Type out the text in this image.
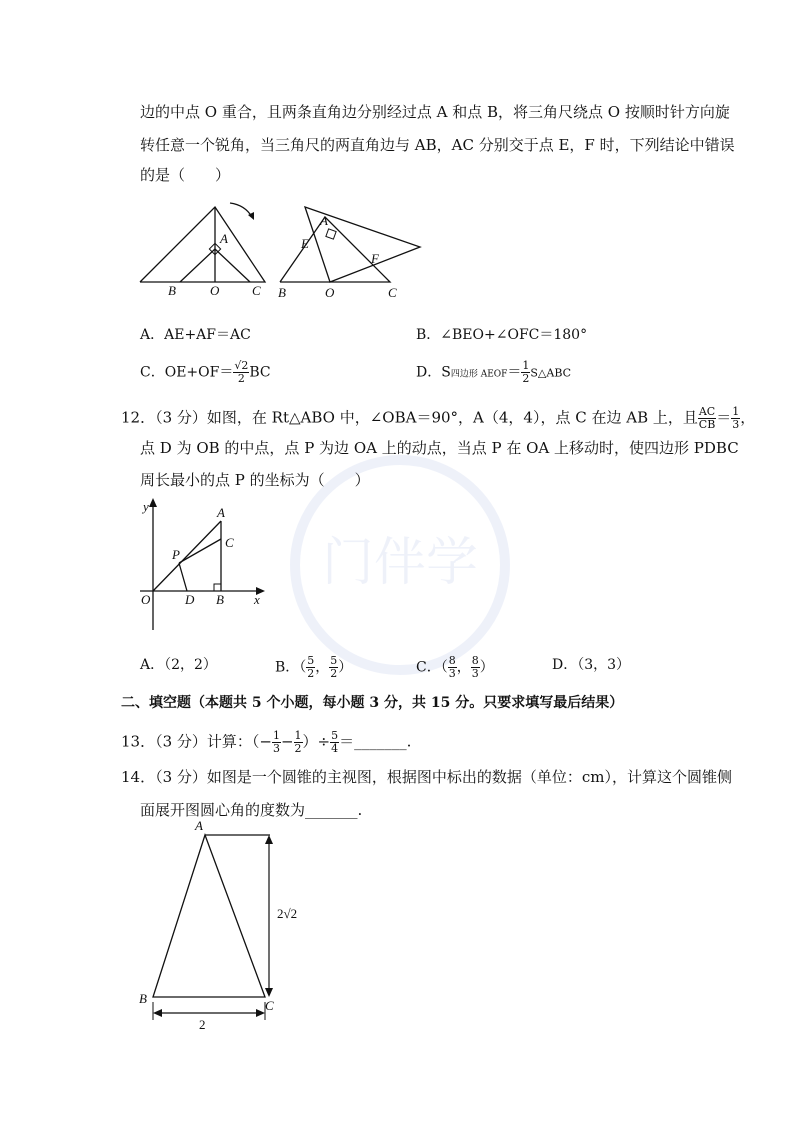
门伴学
边的中点 O 重合，且两条直角边分别经过点 A 和点 B，将三角尺绕点 O 按顺时针方向旋
转任意一个锐角，当三角尺的两直角边与 AB，AC 分别交于点 E，F 时，下列结论中错误
的是（　　）
A
B	O	C
A
E
F
B	O	C
A．AE+AF＝AC	B．∠BEO+∠OFC＝180°
C．$OE+OF= \frac{√2}{2}$ BC	D．S四边形 AEOF＝ $\frac{1}{2}$ S△ABC
12．（3 分）如图，在 Rt△ABO 中，∠OBA＝90°，A（4，4），点 C 在边 AB 上，且 $\frac{AC}{CB} = \frac{1}{3}$ ，
点 D 为 OB 的中点，点 P 为边 OA 上的动点，当点 P 在 OA 上移动时，使四边形 PDBC
周长最小的点 P 的坐标为（　　）
y	A
C
P
O	D B x
A．（2，2）	B．（ $\frac{5}{2}$ ， $\frac{5}{2}$ ）	C．（ $\frac{8}{3}$ ， $\frac{8}{3}$ ）	D．（3，3）
二、填空题（本题共 5 个小题，每小题 3 分，共 15 分。只要求填写最后结果）
13．（3 分）计算：（− $\frac{1}{3} - \frac{1}{2}$ ）÷ $\frac{5}{4}$ ＝_______.
14．（3 分）如图是一个圆锥的主视图，根据图中标出的数据（单位：cm），计算这个圆锥侧
面展开图圆心角的度数为_______.
A
B	C
2√2
2
